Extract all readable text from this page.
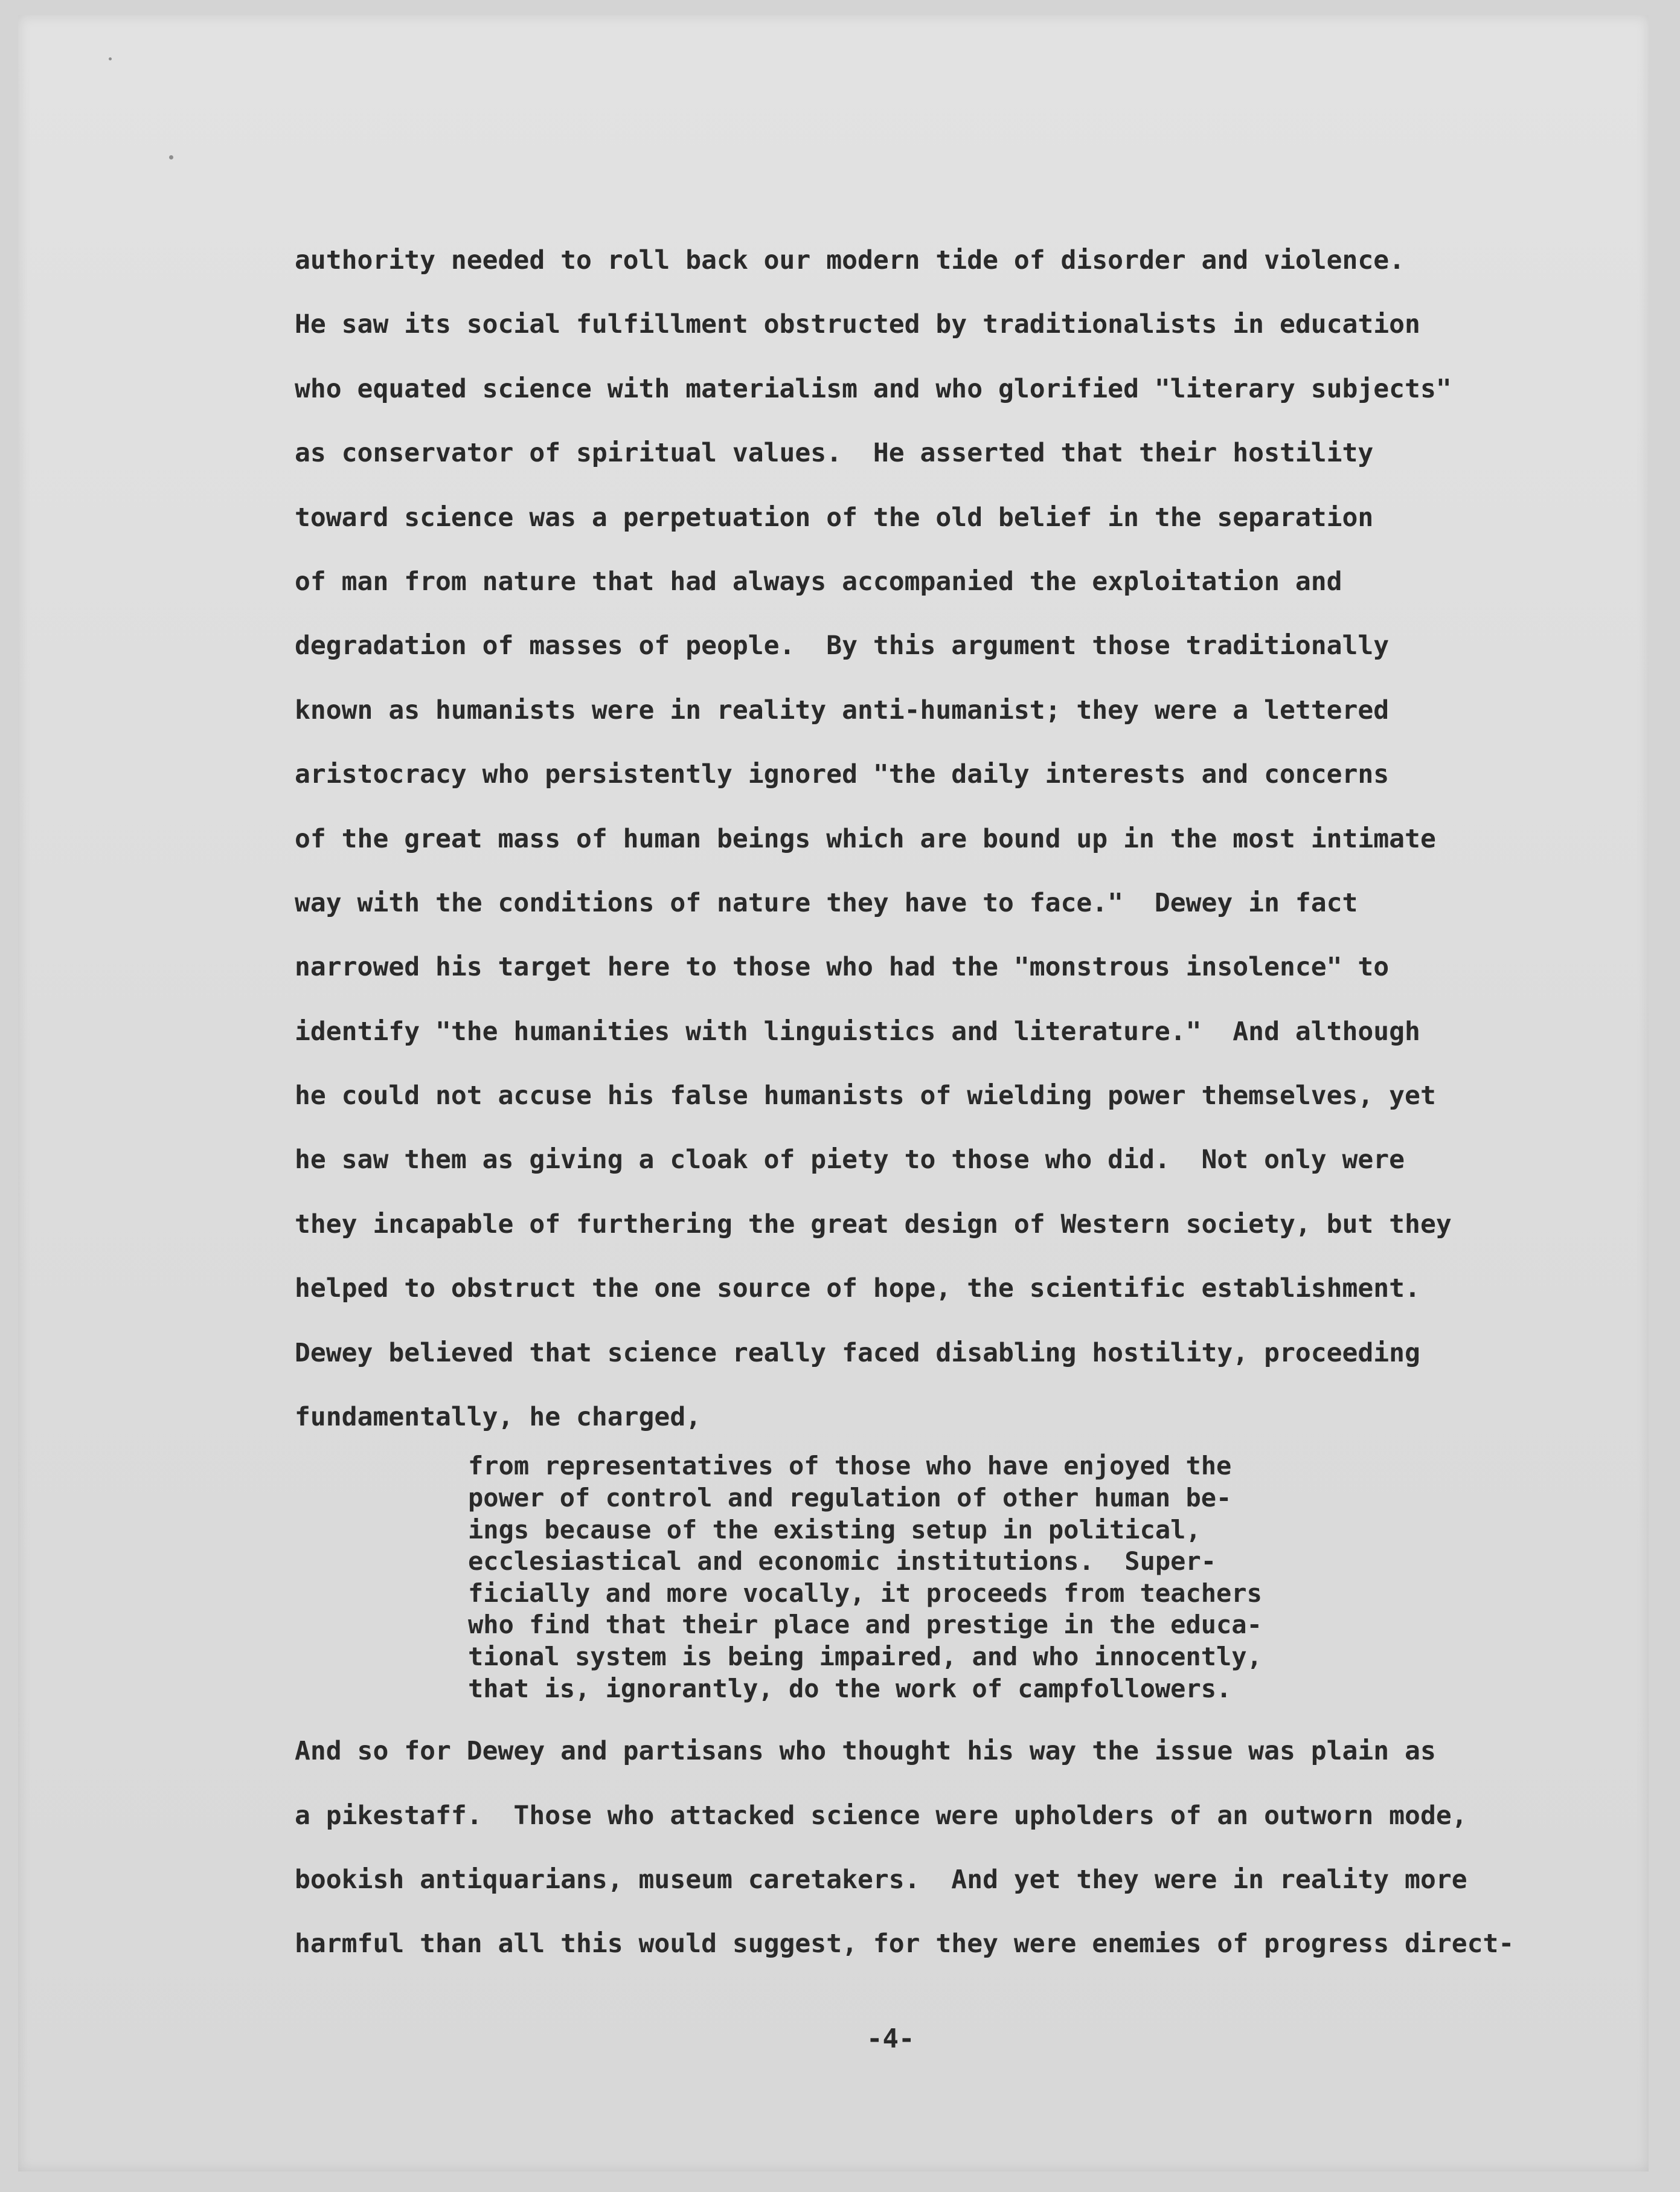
authority needed to roll back our modern tide of disorder and violence.
He saw its social fulfillment obstructed by traditionalists in education
who equated science with materialism and who glorified "literary subjects"
as conservator of spiritual values.  He asserted that their hostility
toward science was a perpetuation of the old belief in the separation
of man from nature that had always accompanied the exploitation and
degradation of masses of people.  By this argument those traditionally
known as humanists were in reality anti-humanist; they were a lettered
aristocracy who persistently ignored "the daily interests and concerns
of the great mass of human beings which are bound up in the most intimate
way with the conditions of nature they have to face."  Dewey in fact
narrowed his target here to those who had the "monstrous insolence" to
identify "the humanities with linguistics and literature."  And although
he could not accuse his false humanists of wielding power themselves, yet
he saw them as giving a cloak of piety to those who did.  Not only were
they incapable of furthering the great design of Western society, but they
helped to obstruct the one source of hope, the scientific establishment.
Dewey believed that science really faced disabling hostility, proceeding
fundamentally, he charged,
from representatives of those who have enjoyed the
power of control and regulation of other human be-
ings because of the existing setup in political,
ecclesiastical and economic institutions.  Super-
ficially and more vocally, it proceeds from teachers
who find that their place and prestige in the educa-
tional system is being impaired, and who innocently,
that is, ignorantly, do the work of campfollowers.
And so for Dewey and partisans who thought his way the issue was plain as
a pikestaff.  Those who attacked science were upholders of an outworn mode,
bookish antiquarians, museum caretakers.  And yet they were in reality more
harmful than all this would suggest, for they were enemies of progress direct-
-4-
